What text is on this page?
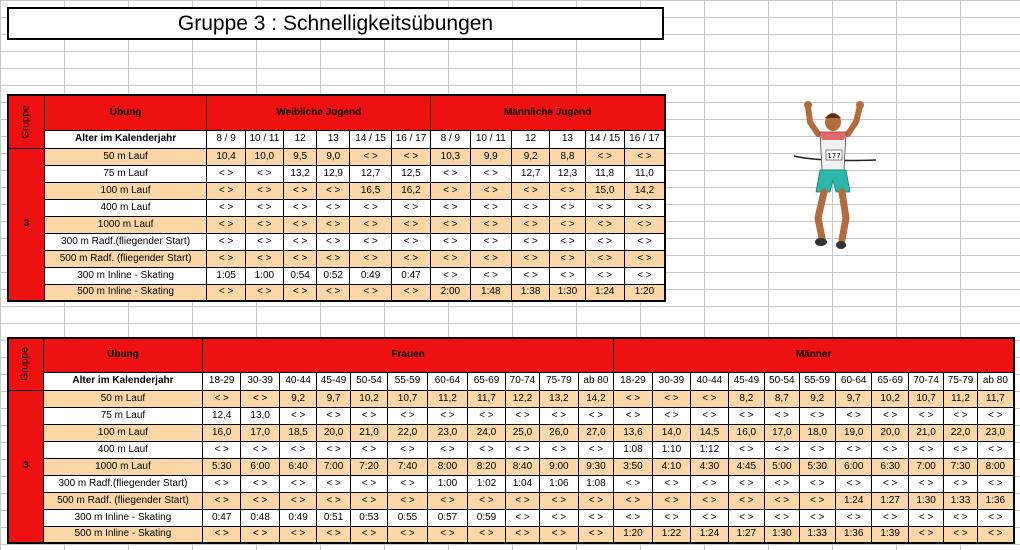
Gruppe 3 : Schnelligkeitsübungen
Gruppe	Übung	Weibliche Jugend						Männliche Jugend					
	Alter im Kalenderjahr	8 / 9	10 / 11	12	13	14 / 15	16 / 17	8 / 9	10 / 11	12	13	14 / 15	16 / 17
3	50 m Lauf	10,4	10,0	9,5	9,0	< >	< >	10,3	9,9	9,2	8,8	< >	< >
	75 m Lauf	< >	< >	13,2	12,9	12,7	12,5	< >	< >	12,7	12,3	11,8	11,0
	100 m Lauf	< >	< >	< >	< >	16,5	16,2	< >	< >	< >	< >	15,0	14,2
	400 m Lauf	< >	< >	< >	< >	< >	< >	< >	< >	< >	< >	< >	< >
	1000 m Lauf	< >	< >	< >	< >	< >	< >	< >	< >	< >	< >	< >	< >
	300 m Radf.(fliegender Start)	< >	< >	< >	< >	< >	< >	< >	< >	< >	< >	< >	< >
	500 m Radf. (fliegender Start)	< >	< >	< >	< >	< >	< >	< >	< >	< >	< >	< >	< >
	300 m Inline - Skating	1:05	1:00	0:54	0:52	0:49	0:47	< >	< >	< >	< >	< >	< >
	500 m Inline - Skating	< >	< >	< >	< >	< >	< >	2:00	1:48	1:38	1:30	1:24	1:20
Gruppe	Übung	Frauen											Männer										
	Alter im Kalenderjahr	18-29	30-39	40-44	45-49	50-54	55-59	60-64	65-69	70-74	75-79	ab 80	18-29	30-39	40-44	45-49	50-54	55-59	60-64	65-69	70-74	75-79	ab 80
3	50 m Lauf	< >	< >	9,2	9,7	10,2	10,7	11,2	11,7	12,2	13,2	14,2	< >	< >	< >	8,2	8,7	9,2	9,7	10,2	10,7	11,2	11,7
	75 m Lauf	12,4	13,0	< >	< >	< >	< >	< >	< >	< >	< >	< >	< >	< >	< >	< >	< >	< >	< >	< >	< >	< >	< >
	100 m Lauf	16,0	17,0	18,5	20,0	21,0	22,0	23,0	24,0	25,0	26,0	27,0	13,6	14,0	14,5	16,0	17,0	18,0	19,0	20,0	21,0	22,0	23,0
	400 m Lauf	< >	< >	< >	< >	< >	< >	< >	< >	< >	< >	< >	1:08	1:10	1:12	< >	< >	< >	< >	< >	< >	< >	< >
	1000 m Lauf	5:30	6:00	6:40	7:00	7:20	7:40	8:00	8:20	8:40	9:00	9:30	3:50	4:10	4:30	4:45	5:00	5:30	6:00	6:30	7:00	7:30	8:00
	300 m Radf.(fliegender Start)	< >	< >	< >	< >	< >	< >	1:00	1:02	1:04	1:06	1:08	< >	< >	< >	< >	< >	< >	< >	< >	< >	< >	< >
	500 m Radf. (fliegender Start)	< >	< >	< >	< >	< >	< >	< >	< >	< >	< >	< >	< >	< >	< >	< >	< >	< >	1:24	1:27	1:30	1:33	1:36
	300 m Inline - Skating	0:47	0:48	0:49	0:51	0:53	0:55	0:57	0:59	< >	< >	< >	< >	< >	< >	< >	< >	< >	< >	< >	< >	< >	< >
	500 m Inline - Skating	< >	< >	< >	< >	< >	< >	< >	< >	< >	< >	< >	1:20	1:22	1:24	1:27	1:30	1:33	1:36	1:39	< >	< >	< >
177
